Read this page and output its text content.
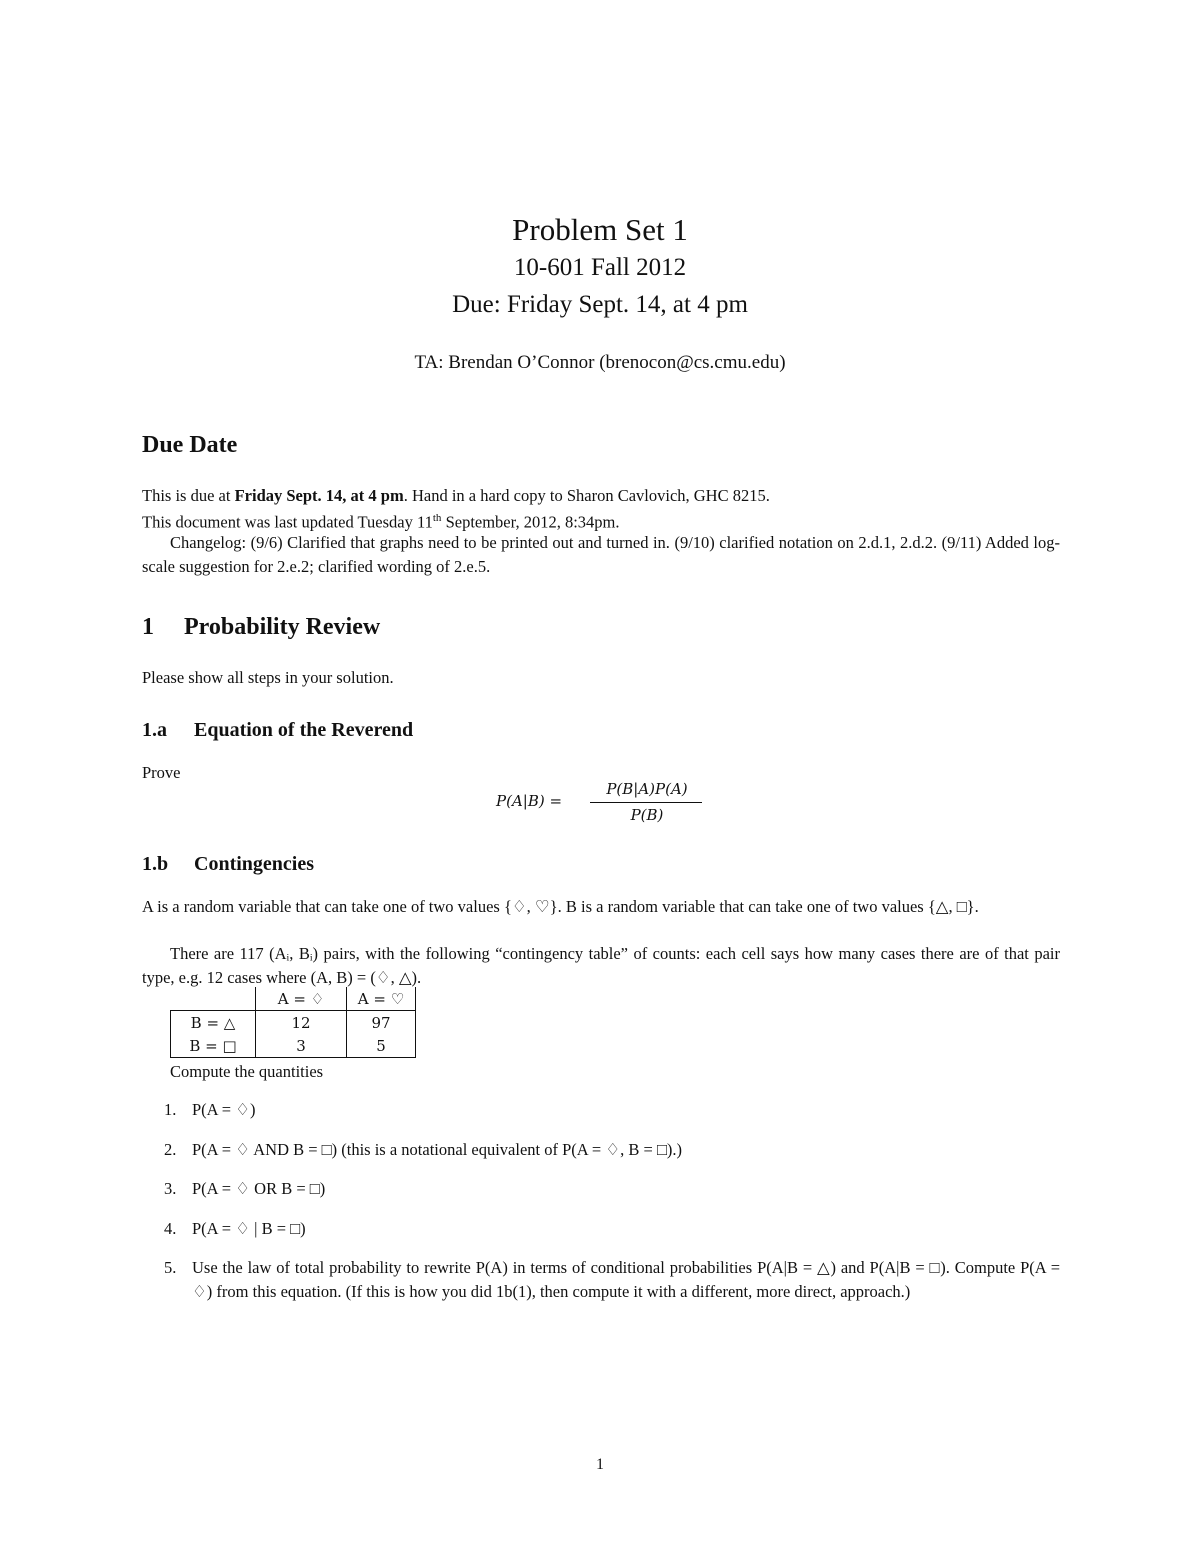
Problem Set 1
10-601 Fall 2012
Due: Friday Sept. 14, at 4 pm
TA: Brendan O’Connor (brenocon@cs.cmu.edu)
Due Date
This is due at Friday Sept. 14, at 4 pm. Hand in a hard copy to Sharon Cavlovich, GHC 8215.
This document was last updated Tuesday 11th September, 2012, 8:34pm.
Changelog: (9/6) Clarified that graphs need to be printed out and turned in. (9/10) clarified notation on 2.d.1, 2.d.2. (9/11) Added log-scale suggestion for 2.e.2; clarified wording of 2.e.5.
1 Probability Review
Please show all steps in your solution.
1.a Equation of the Reverend
Prove
P(A|B) =
P(B|A)P(A)
P(B)
1.b Contingencies
A is a random variable that can take one of two values {♢, ♡}. B is a random variable that can take one of two values {△, □}.
There are 117 (Aᵢ, Bᵢ) pairs, with the following “contingency table” of counts: each cell says how many cases there are of that pair type, e.g. 12 cases where (A, B) = (♢, △).
	A = ♢	A = ♡
B = △	12	97
B = □	3	5
Compute the quantities
1. P(A = ♢)
2. P(A = ♢ AND B = □) (this is a notational equivalent of P(A = ♢, B = □).)
3. P(A = ♢ OR B = □)
4. P(A = ♢ | B = □)
5. Use the law of total probability to rewrite P(A) in terms of conditional probabilities P(A|B = △) and P(A|B = □). Compute P(A = ♢) from this equation. (If this is how you did 1b(1), then compute it with a different, more direct, approach.)
1
